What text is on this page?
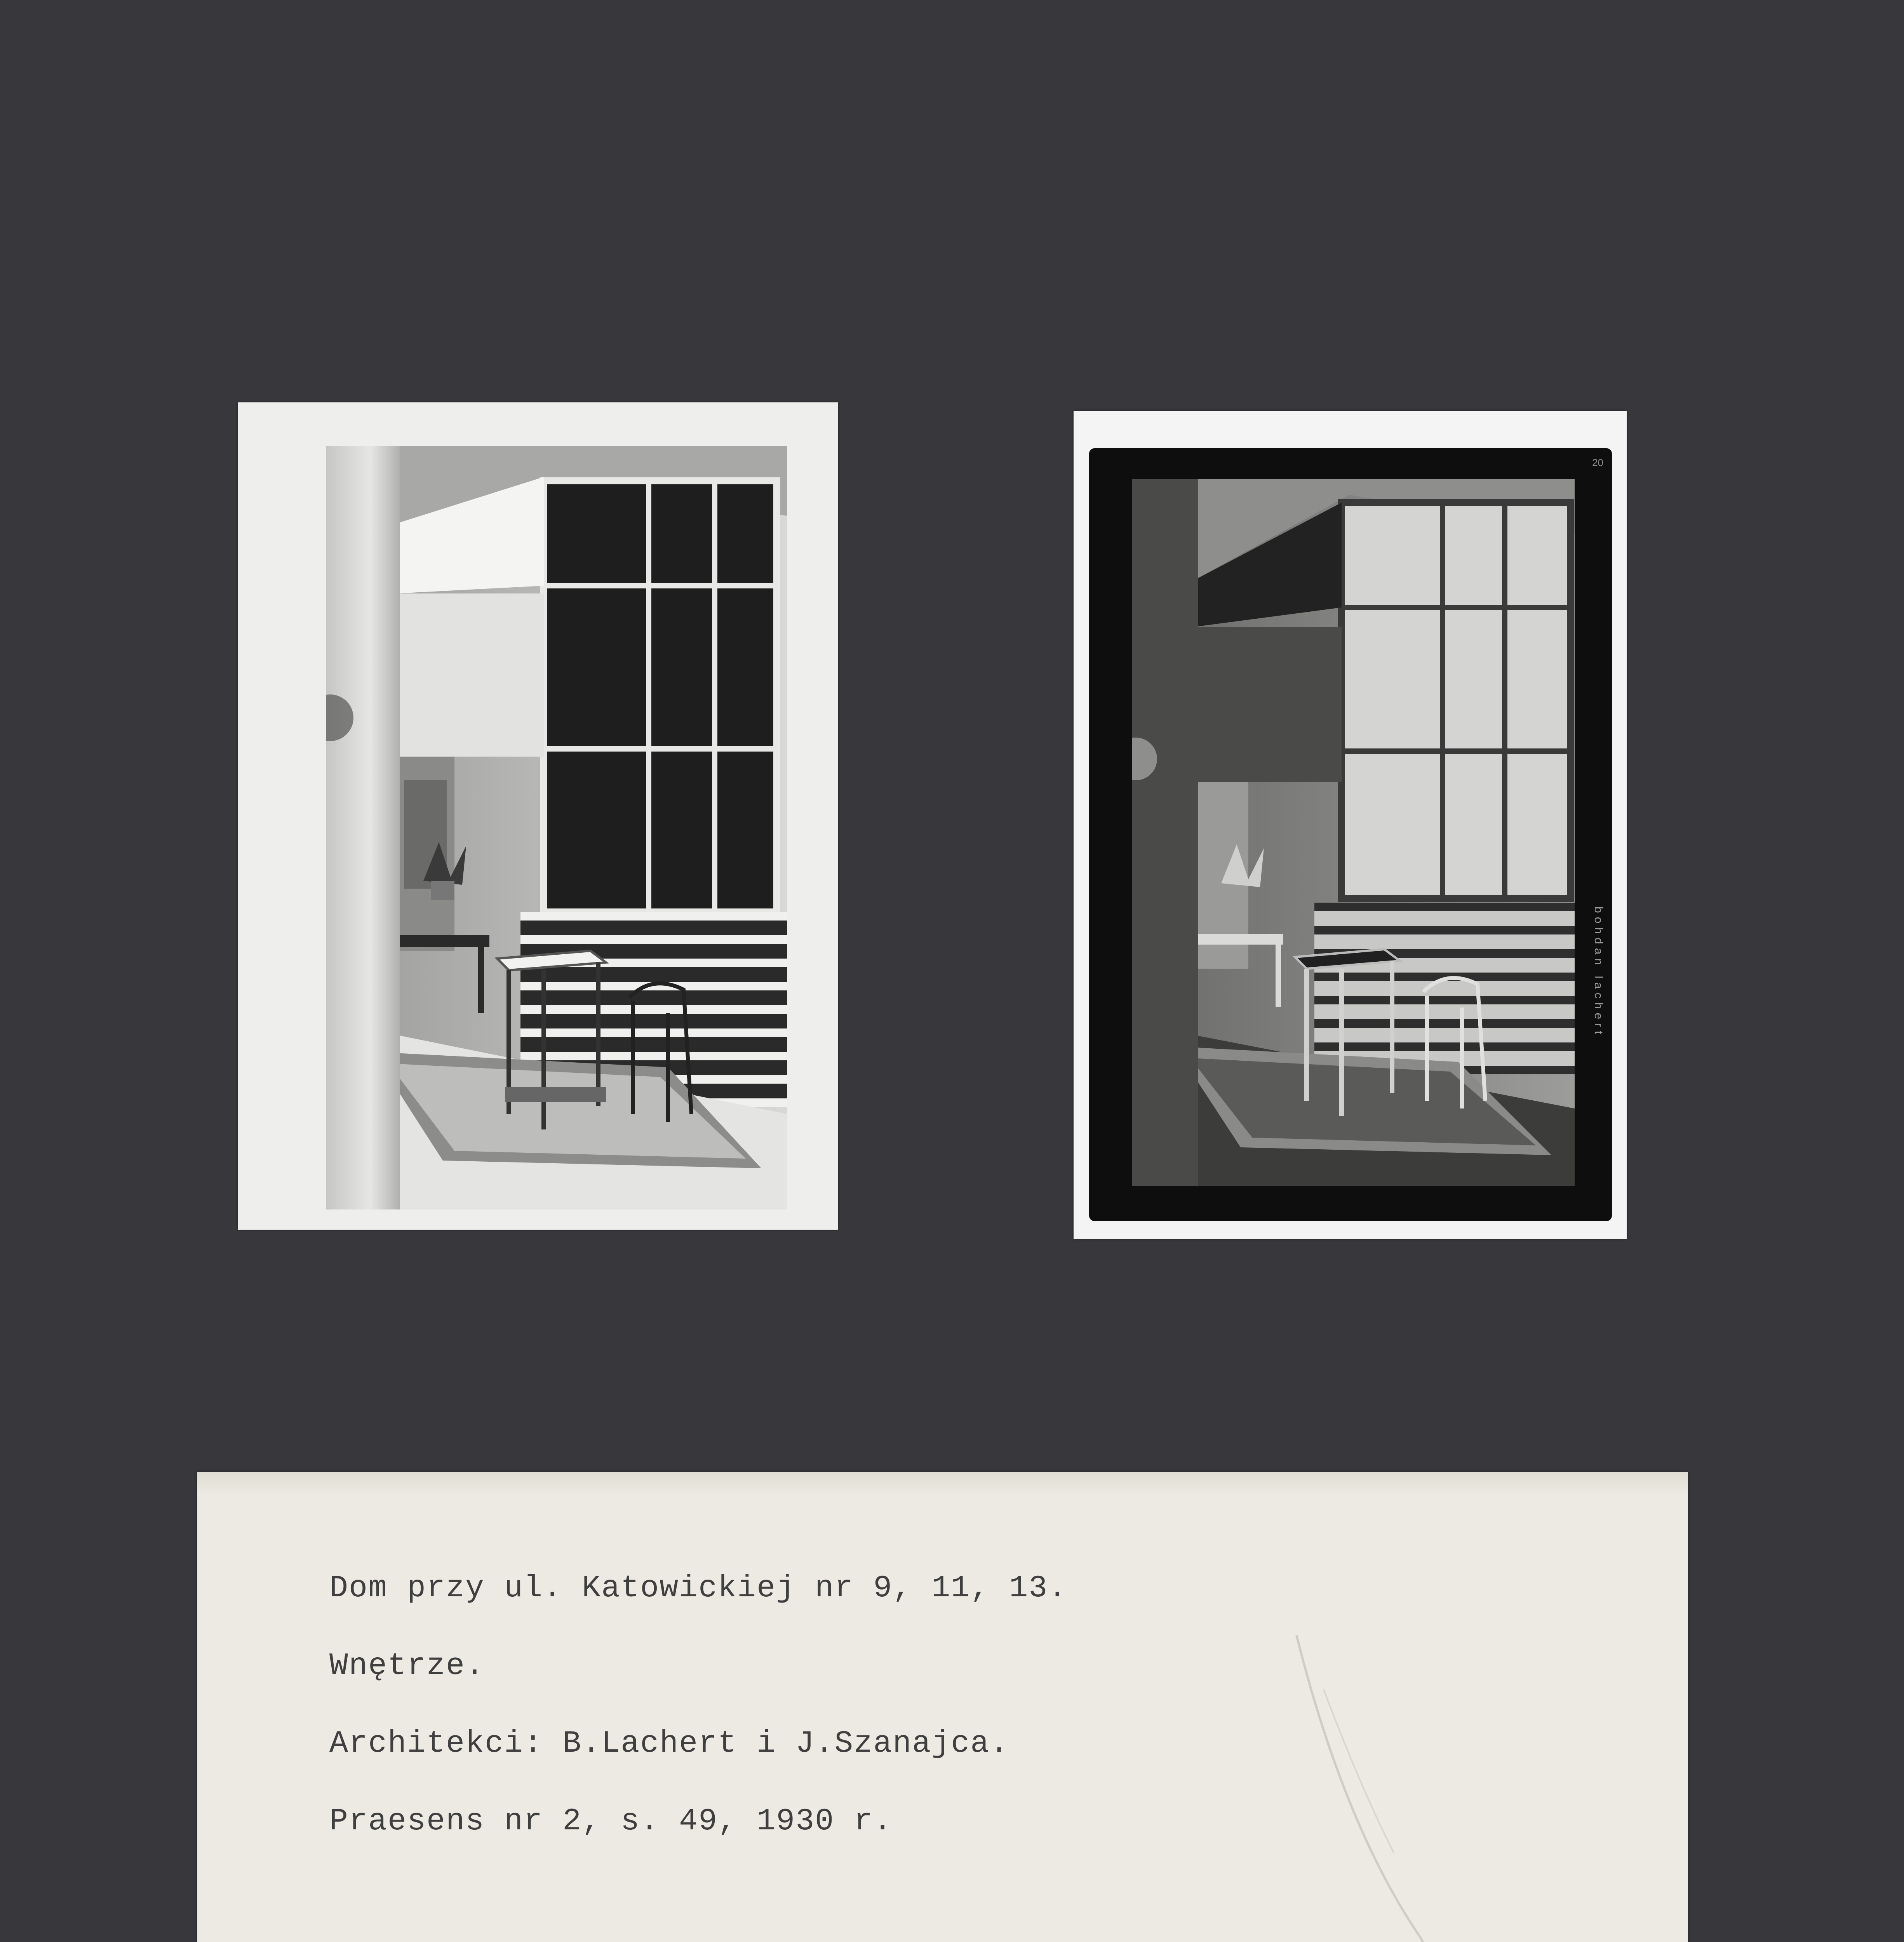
bohdan lachert
20
Dom przy ul. Katowickiej nr 9, 11, 13.
Wnętrze.
Architekci: B.Lachert i J.Szanajca.
Praesens nr 2, s. 49, 1930 r.
